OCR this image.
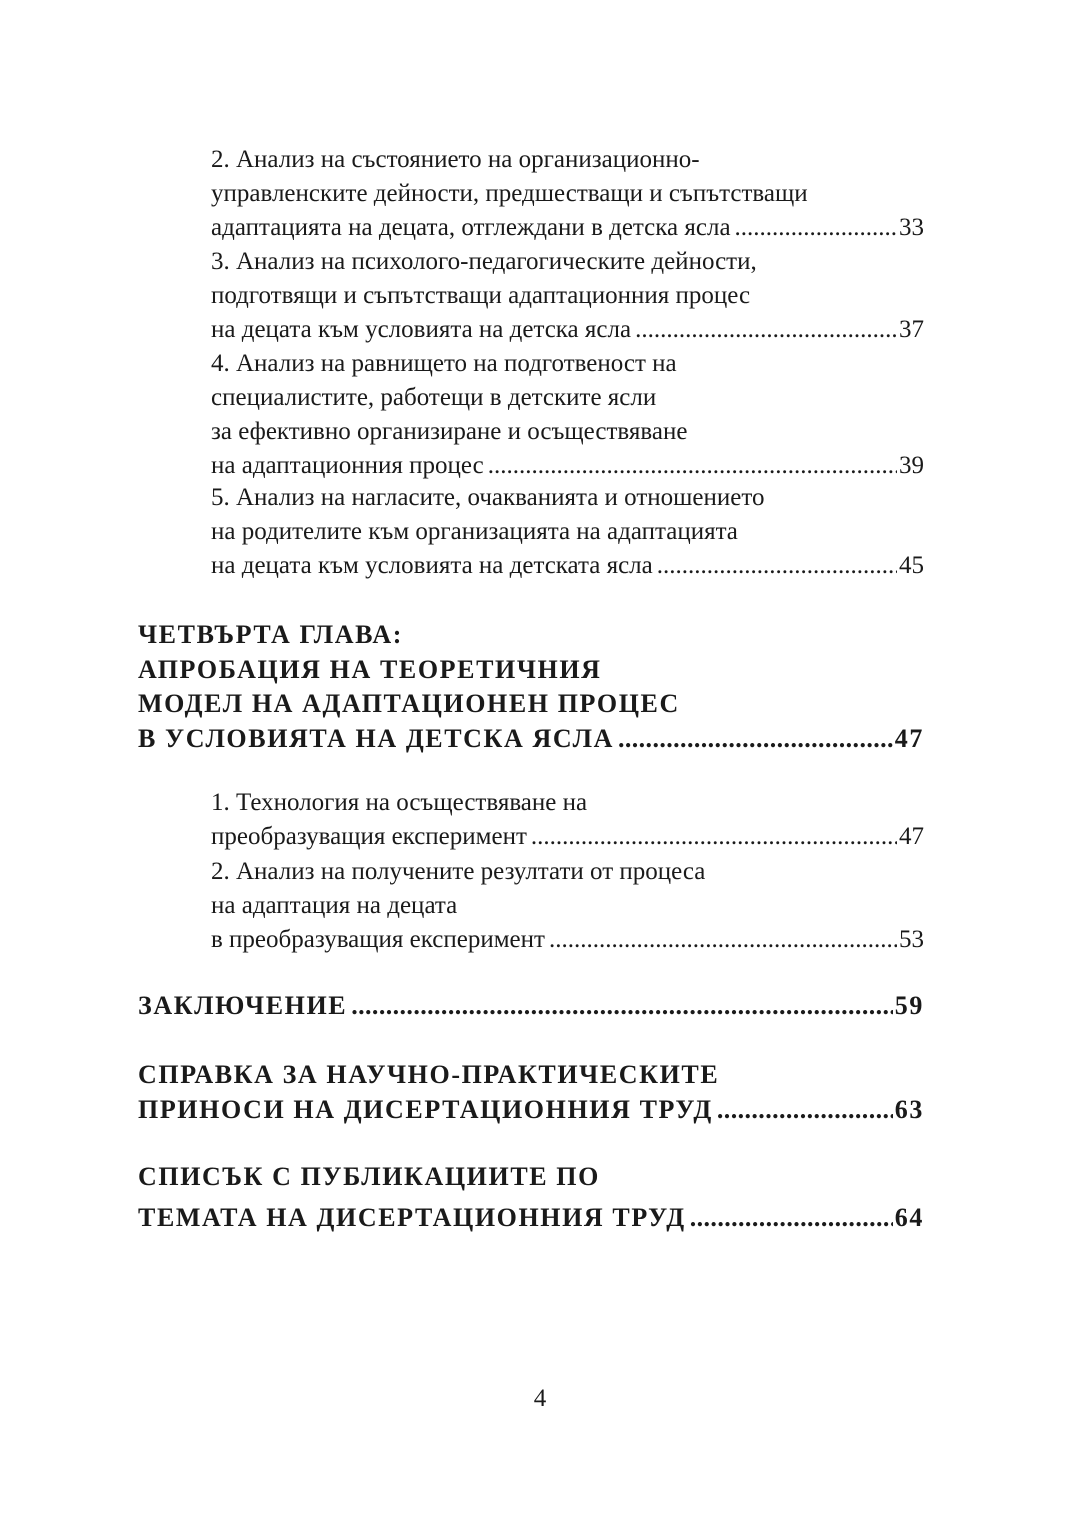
2. Анализ на състоянието на организационно-
управленските дейности, предшестващи и съпътстващи
адаптацията на децата, отглеждани в детска ясла .....	33
3. Анализ на психолого-педагогическите дейности,
подготвящи и съпътстващи адаптационния процес
на децата към условията на детска ясла .....	37
4. Анализ на равнището на подготвеност на
специалистите, работещи в детските ясли
за ефективно организиране и осъществяване
на адаптационния процес .....	39
5. Анализ на нагласите, очакванията и отношението
на родителите към организацията на адаптацията
на децата към условията на детската ясла .....	45
ЧЕТВЪРТА ГЛАВА:
АПРОБАЦИЯ НА ТЕОРЕТИЧНИЯ
МОДЕЛ НА АДАПТАЦИОНЕН ПРОЦЕС
В УСЛОВИЯТА НА ДЕТСКА ЯСЛА .....	47
1. Технология на осъществяване на
преобразуващия експеримент .....	47
2. Анализ на получените резултати от процеса
на адаптация на децата
в преобразуващия експеримент .....	53
ЗАКЛЮЧЕНИЕ .....	59
СПРАВКА ЗА НАУЧНО-ПРАКТИЧЕСКИТЕ
ПРИНОСИ НА ДИСЕРТАЦИОННИЯ ТРУД .....	63
СПИСЪК С ПУБЛИКАЦИИТЕ ПО
ТЕМАТА НА ДИСЕРТАЦИОННИЯ ТРУД .....	64
4
